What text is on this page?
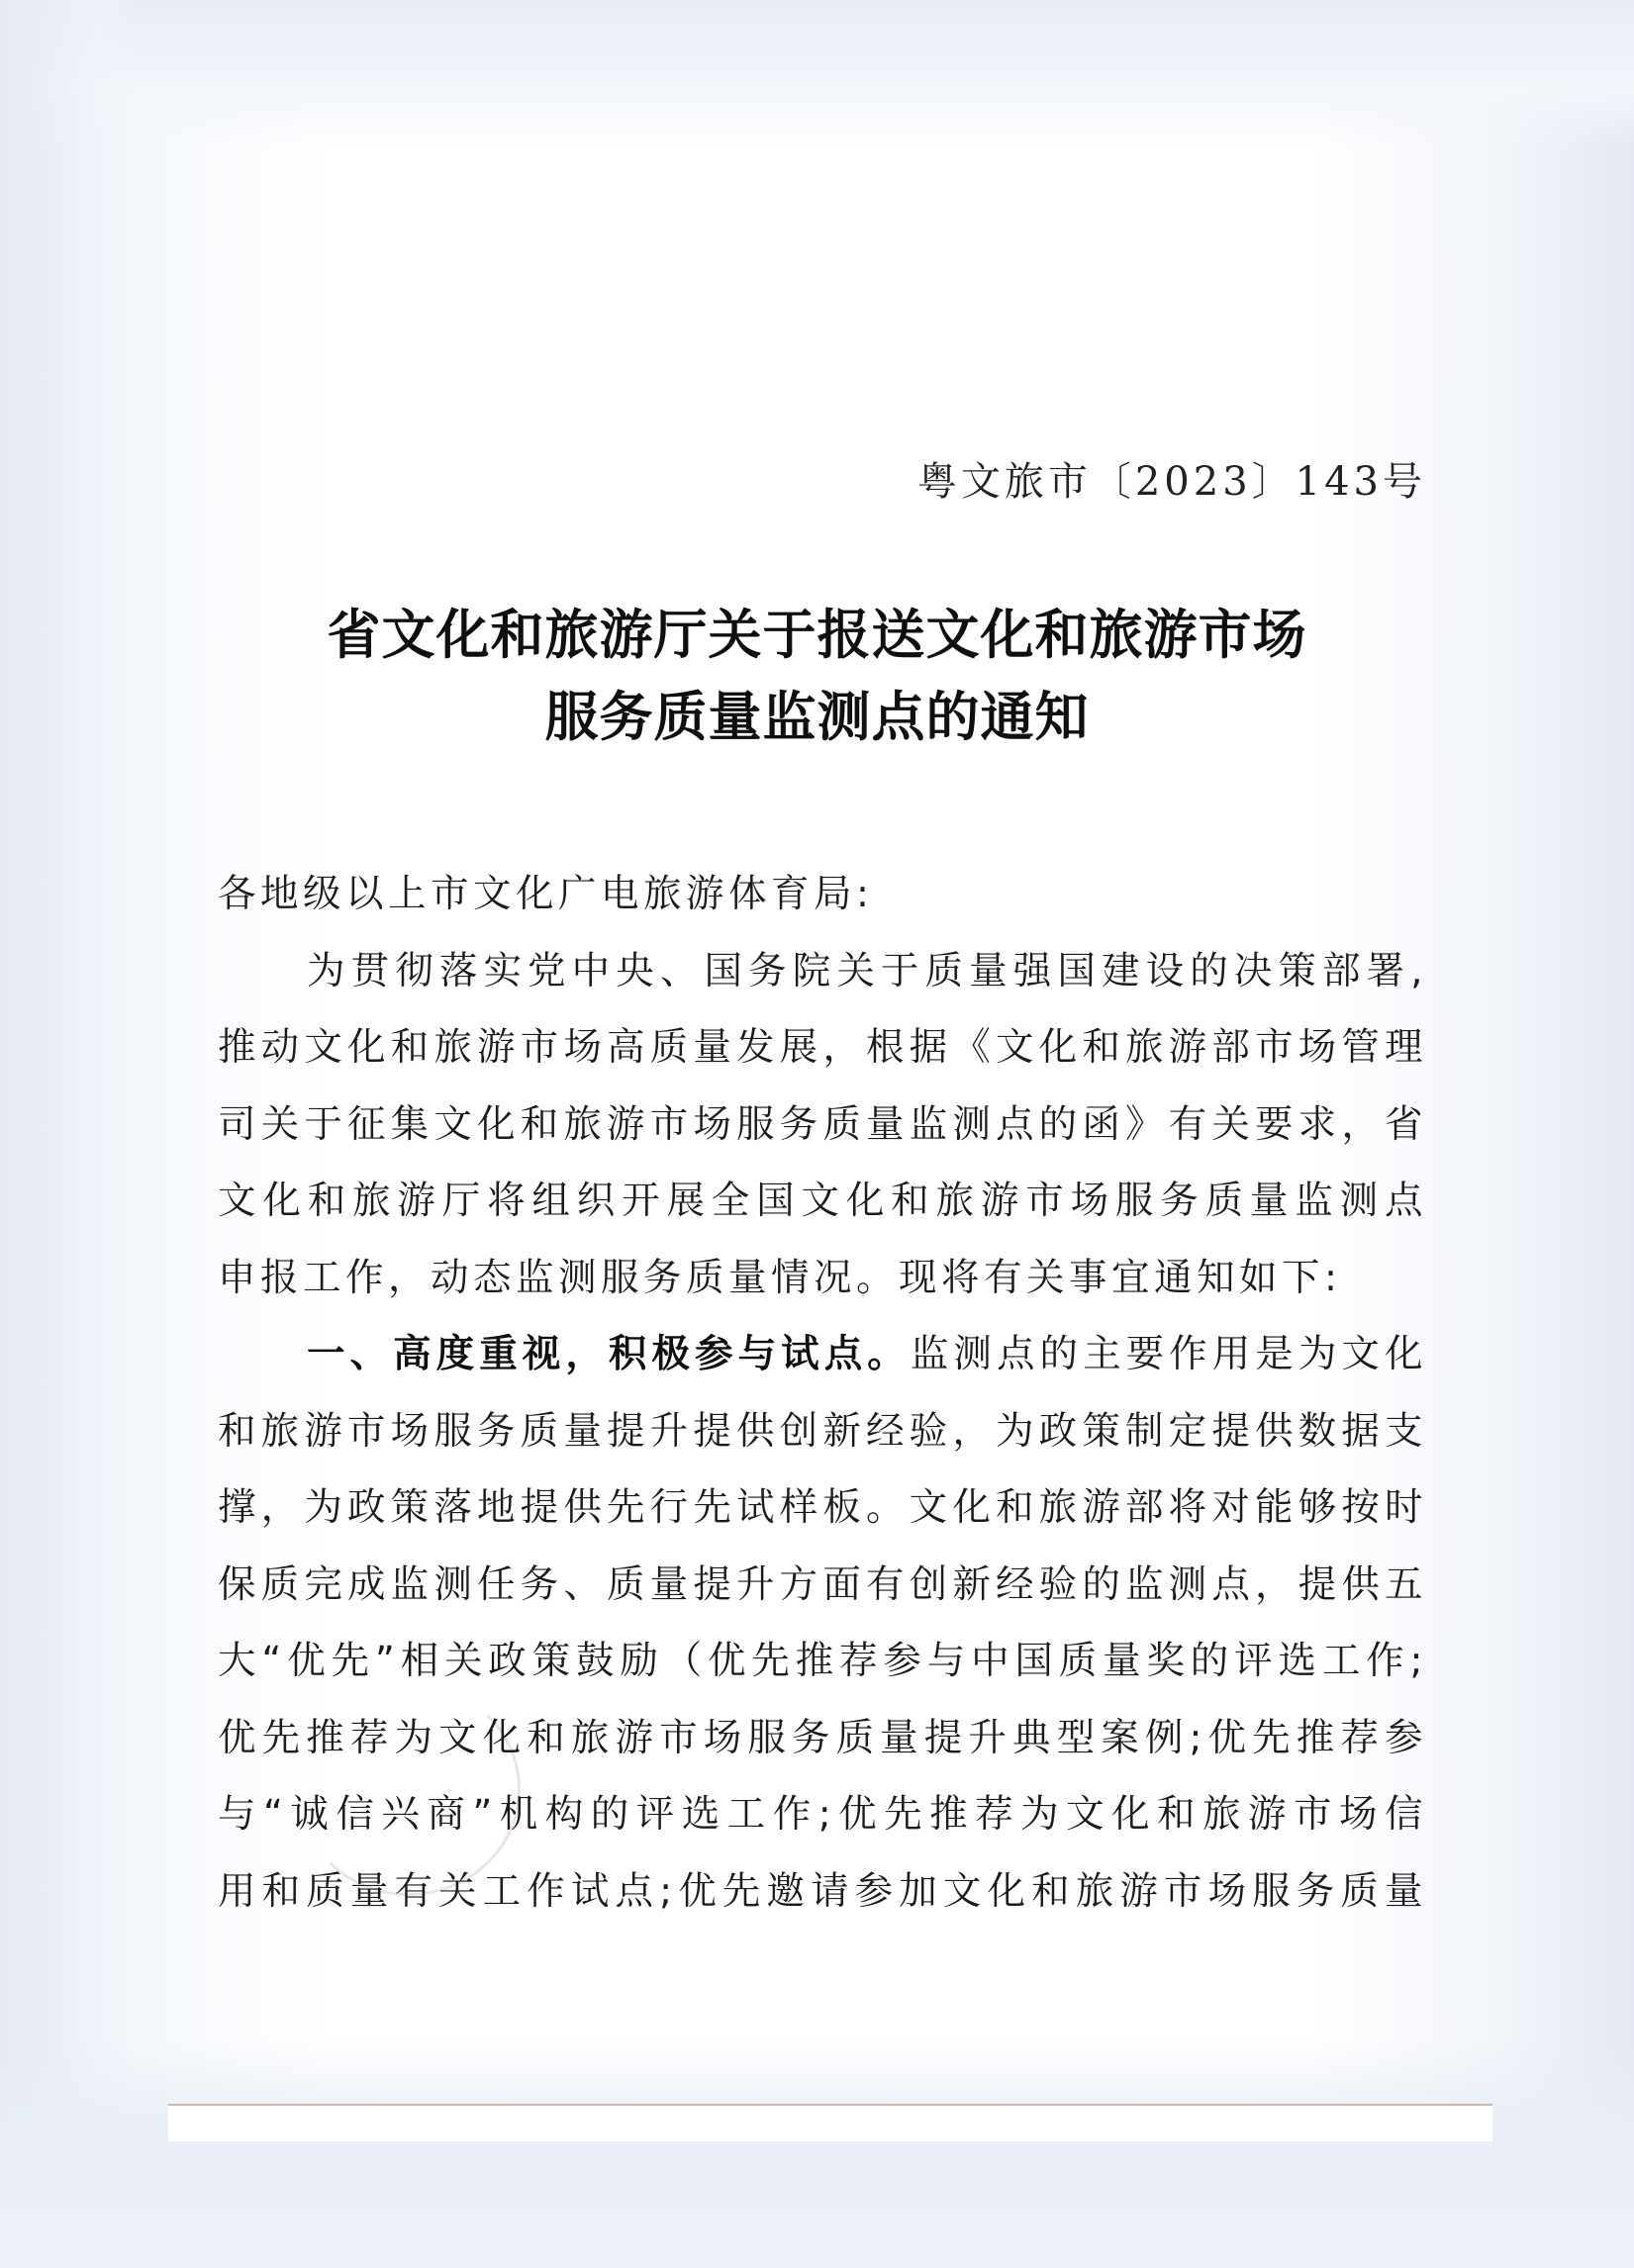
粤文旅市〔2023〕143号
省文化和旅游厅关于报送文化和旅游市场
服务质量监测点的通知
各地级以上市文化广电旅游体育局:
为贯彻落实党中央、国务院关于质量强国建设的决策部署,
推动文化和旅游市场高质量发展，根据《文化和旅游部市场管理
司关于征集文化和旅游市场服务质量监测点的函》有关要求，省
文化和旅游厅将组织开展全国文化和旅游市场服务质量监测点
申报工作，动态监测服务质量情况。现将有关事宜通知如下:
一、高度重视，积极参与试点。监测点的主要作用是为文化
和旅游市场服务质量提升提供创新经验，为政策制定提供数据支
撑，为政策落地提供先行先试样板。文化和旅游部将对能够按时
保质完成监测任务、质量提升方面有创新经验的监测点，提供五
大“优先”相关政策鼓励（优先推荐参与中国质量奖的评选工作;
优先推荐为文化和旅游市场服务质量提升典型案例;优先推荐参
与“诚信兴商”机构的评选工作;优先推荐为文化和旅游市场信
用和质量有关工作试点;优先邀请参加文化和旅游市场服务质量
